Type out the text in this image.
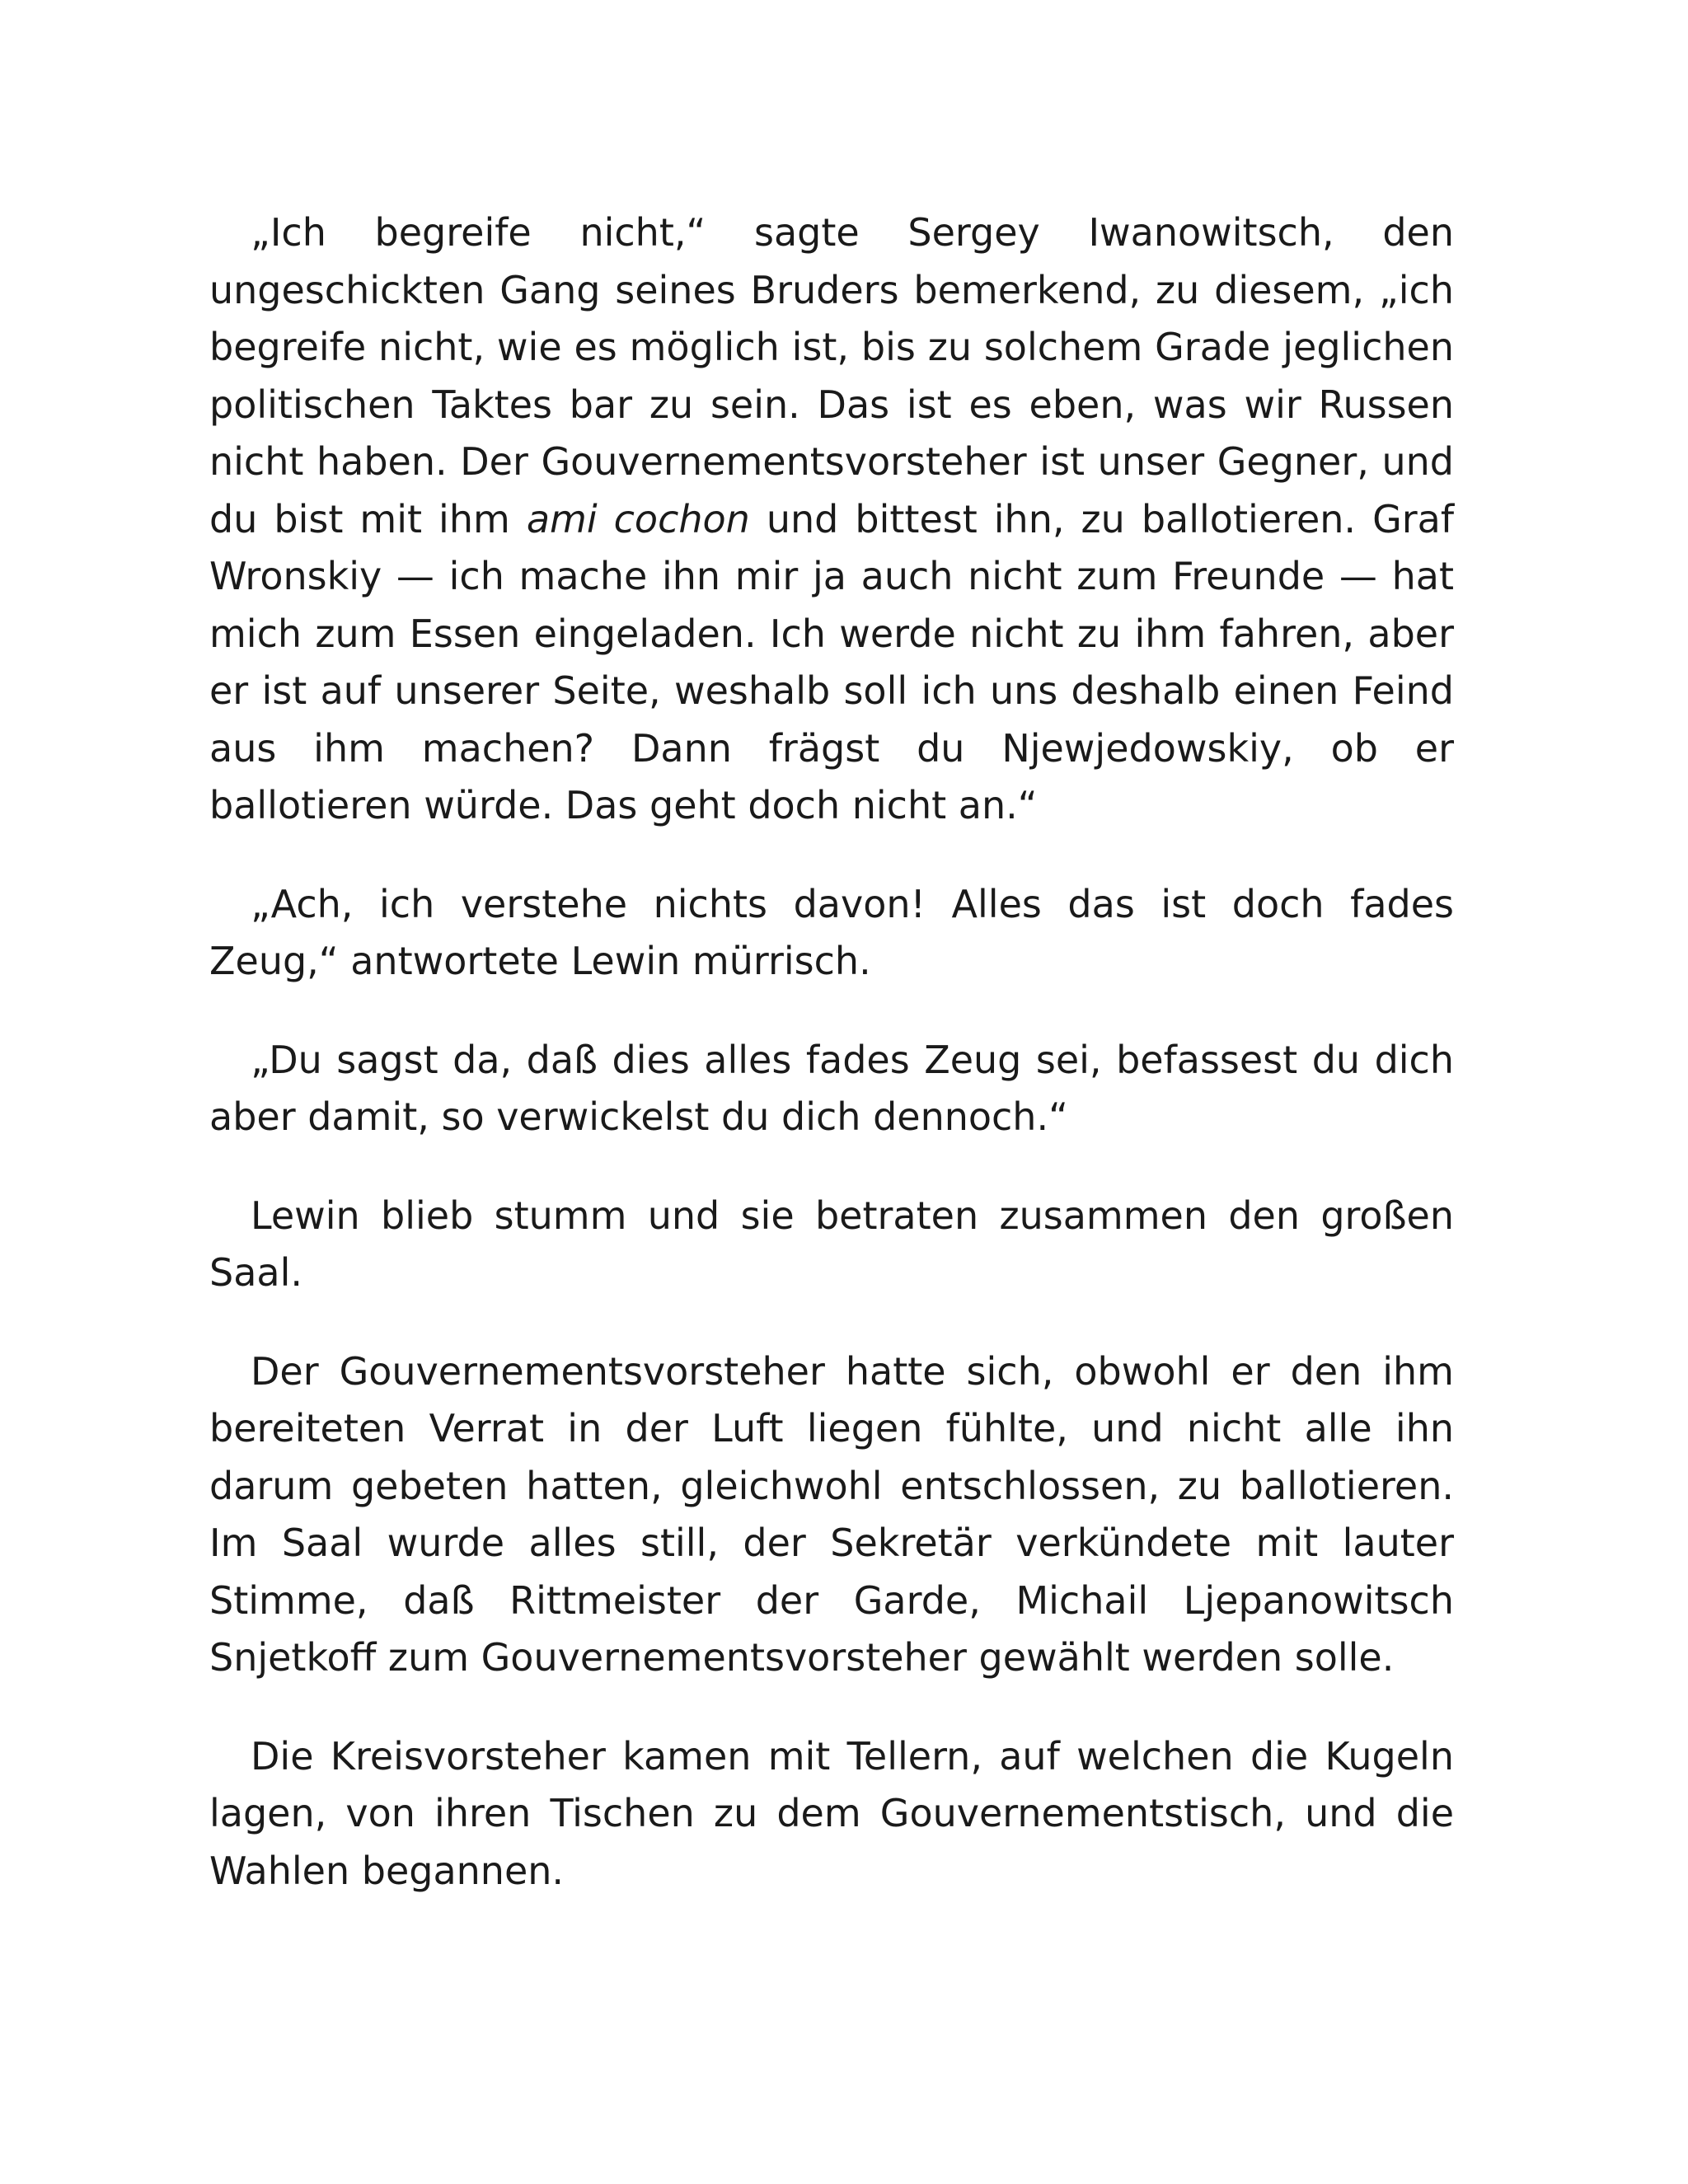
„Ich begreife nicht,“ sagte Sergey Iwanowitsch, den ungeschickten Gang seines Bruders bemerkend, zu diesem, „ich begreife nicht, wie es möglich ist, bis zu solchem Grade jeglichen politischen Taktes bar zu sein. Das ist es eben, was wir Russen nicht haben. Der Gouvernementsvorsteher ist unser Gegner, und du bist mit ihm ami cochon und bittest ihn, zu ballotieren. Graf Wronskiy — ich mache ihn mir ja auch nicht zum Freunde — hat mich zum Essen eingeladen. Ich werde nicht zu ihm fahren, aber er ist auf unserer Seite, weshalb soll ich uns deshalb einen Feind aus ihm machen? Dann frägst du Njewjedowskiy, ob er ballotieren würde. Das geht doch nicht an.“

„Ach, ich verstehe nichts davon! Alles das ist doch fades Zeug,“ antwortete Lewin mürrisch.

„Du sagst da, daß dies alles fades Zeug sei, befassest du dich aber damit, so verwickelst du dich dennoch.“

Lewin blieb stumm und sie betraten zusammen den großen Saal.

Der Gouvernementsvorsteher hatte sich, obwohl er den ihm bereiteten Verrat in der Luft liegen fühlte, und nicht alle ihn darum gebeten hatten, gleichwohl entschlossen, zu ballotieren. Im Saal wurde alles still, der Sekretär verkündete mit lauter Stimme, daß Rittmeister der Garde, Michail Ljepanowitsch Snjetkoff zum Gouvernementsvorsteher gewählt werden solle.

Die Kreisvorsteher kamen mit Tellern, auf welchen die Kugeln lagen, von ihren Tischen zu dem Gouvernementstisch, und die Wahlen begannen.
